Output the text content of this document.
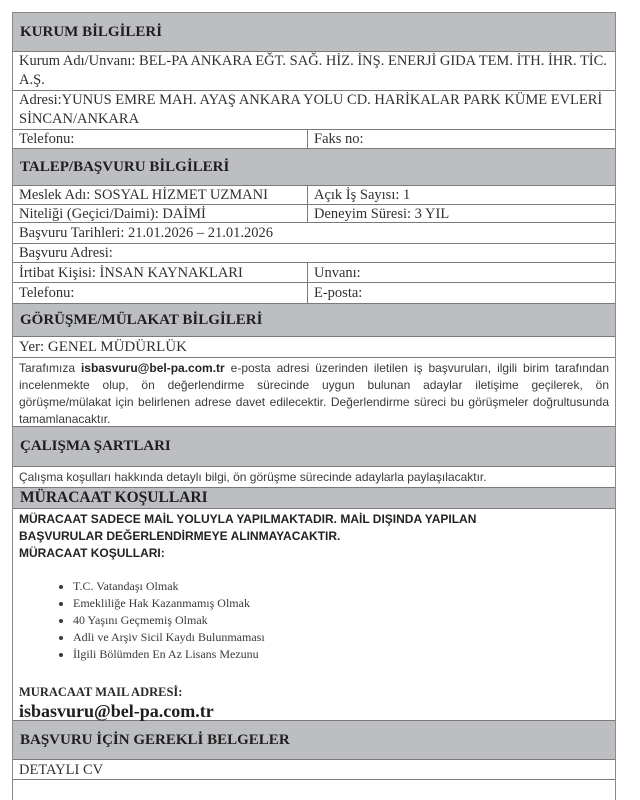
KURUM BİLGİLERİ
Kurum Adı/Unvanı: BEL-PA ANKARA EĞT. SAĞ. HİZ. İNŞ. ENERJİ GIDA TEM. İTH. İHR. TİC. A.Ş.
Adresi:YUNUS EMRE MAH. AYAŞ ANKARA YOLU CD. HARİKALAR PARK KÜME EVLERİ SİNCAN/ANKARA
Telefonu:	Faks no:
TALEP/BAŞVURU BİLGİLERİ
Meslek Adı: SOSYAL HİZMET UZMANI	Açık İş Sayısı: 1
Niteliği (Geçici/Daimi): DAİMİ	Deneyim Süresi: 3 YIL
Başvuru Tarihleri: 21.01.2026 – 21.01.2026
Başvuru Adresi:
İrtibat Kişisi: İNSAN KAYNAKLARI	Unvanı:
Telefonu:	E-posta:
GÖRÜŞME/MÜLAKAT BİLGİLERİ
Yer: GENEL MÜDÜRLÜK
Tarafımıza isbasvuru@bel-pa.com.tr e-posta adresi üzerinden iletilen iş başvuruları, ilgili birim tarafından incelenmekte olup, ön değerlendirme sürecinde uygun bulunan adaylar iletişime geçilerek, ön görüşme/mülakat için belirlenen adrese davet edilecektir. Değerlendirme süreci bu görüşmeler doğrultusunda tamamlanacaktır.
ÇALIŞMA ŞARTLARI
Çalışma koşulları hakkında detaylı bilgi, ön görüşme sürecinde adaylarla paylaşılacaktır.
MÜRACAAT KOŞULLARI
MÜRACAAT SADECE MAİL YOLUYLA YAPILMAKTADIR. MAİL DIŞINDA YAPILAN BAŞVURULAR DEĞERLENDİRMEYE ALINMAYACAKTIR.
MÜRACAAT KOŞULLARI:
• T.C. Vatandaşı Olmak
• Emekliliğe Hak Kazanmamış Olmak
• 40 Yaşını Geçmemiş Olmak
• Adli ve Arşiv Sicil Kaydı Bulunmaması
• İlgili Bölümden En Az Lisans Mezunu
MURACAAT MAIL ADRESİ:
isbasvuru@bel-pa.com.tr
BAŞVURU İÇİN GEREKLİ BELGELER
DETAYLI CV
